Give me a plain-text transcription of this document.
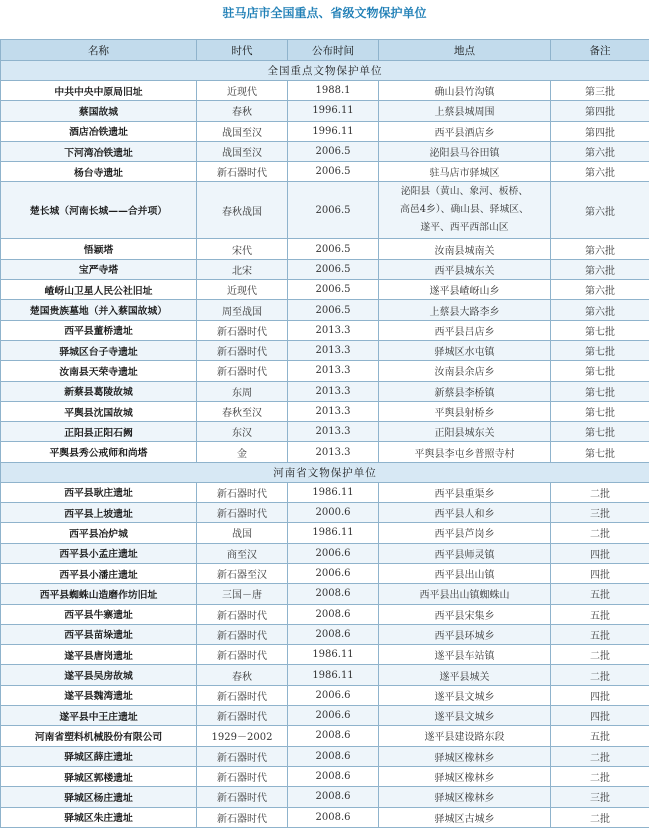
驻马店市全国重点、省级文物保护单位
名称	时代	公布时间	地点	备注
全国重点文物保护单位				
中共中央中原局旧址	近现代	1988.1	确山县竹沟镇	第三批
蔡国故城	春秋	1996.11	上蔡县城周围	第四批
酒店冶铁遗址	战国至汉	1996.11	西平县酒店乡	第四批
下河湾冶铁遗址	战国至汉	2006.5	泌阳县马谷田镇	第六批
杨台寺遗址	新石器时代	2006.5	驻马店市驿城区	第六批
楚长城（河南长城——合并项）	春秋战国	2006.5	泌阳县（黄山、象河、板桥、
高邑4乡）、确山县、驿城区、
遂平、西平西部山区	第六批
悟颖塔	宋代	2006.5	汝南县城南关	第六批
宝严寺塔	北宋	2006.5	西平县城东关	第六批
嵖岈山卫星人民公社旧址	近现代	2006.5	遂平县嵖岈山乡	第六批
楚国贵族墓地（并入蔡国故城）	周至战国	2006.5	上蔡县大路李乡	第六批
西平县董桥遗址	新石器时代	2013.3	西平县吕店乡	第七批
驿城区台子寺遗址	新石器时代	2013.3	驿城区水屯镇	第七批
汝南县天荣寺遗址	新石器时代	2013.3	汝南县余店乡	第七批
新蔡县葛陵故城	东周	2013.3	新蔡县李桥镇	第七批
平舆县沈国故城	春秋至汉	2013.3	平舆县射桥乡	第七批
正阳县正阳石阙	东汉	2013.3	正阳县城东关	第七批
平舆县秀公戒师和尚塔	金	2013.3	平舆县李屯乡普照寺村	第七批
河南省文物保护单位				
西平县耿庄遗址	新石器时代	1986.11	西平县重渠乡	二批
西平县上坡遗址	新石器时代	2000.6	西平县人和乡	三批
西平县冶炉城	战国	1986.11	西平县芦岗乡	二批
西平县小孟庄遗址	商至汉	2006.6	西平县师灵镇	四批
西平县小潘庄遗址	新石器至汉	2006.6	西平县出山镇	四批
西平县蜘蛛山造磨作坊旧址	三国－唐	2008.6	西平县出山镇蜘蛛山	五批
西平县牛寨遗址	新石器时代	2008.6	西平县宋集乡	五批
西平县苗垛遗址	新石器时代	2008.6	西平县环城乡	五批
遂平县唐岗遗址	新石器时代	1986.11	遂平县车站镇	二批
遂平县吴房故城	春秋	1986.11	遂平县城关	二批
遂平县魏湾遗址	新石器时代	2006.6	遂平县文城乡	四批
遂平县中王庄遗址	新石器时代	2006.6	遂平县文城乡	四批
河南省塑料机械股份有限公司	1929－2002	2008.6	遂平县建设路东段	五批
驿城区薛庄遗址	新石器时代	2008.6	驿城区橡林乡	二批
驿城区郭楼遗址	新石器时代	2008.6	驿城区橡林乡	二批
驿城区杨庄遗址	新石器时代	2008.6	驿城区橡林乡	三批
驿城区朱庄遗址	新石器时代	2008.6	驿城区古城乡	二批
